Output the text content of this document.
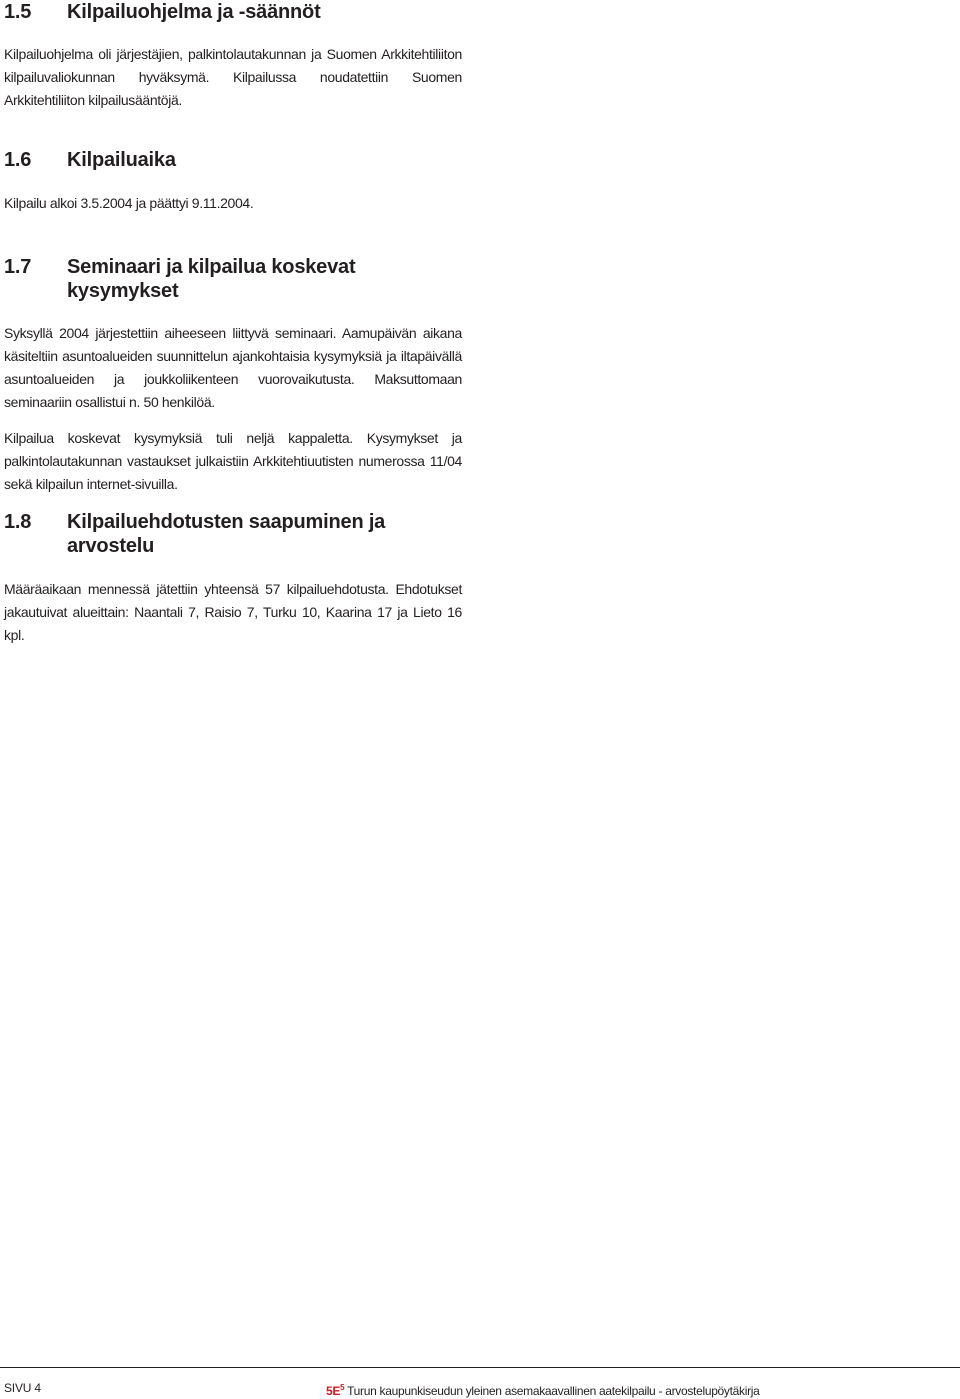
1.5	Kilpailuohjelma ja -säännöt

Kilpailuohjelma oli järjestäjien, palkintolautakunnan ja Suomen Arkkitehtiliiton kilpailuvaliokunnan hyväksymä. Kilpailussa noudatettiin Suomen Arkkitehtiliiton kilpailusääntöjä.

1.6	Kilpailuaika

Kilpailu alkoi 3.5.2004 ja päättyi 9.11.2004.

1.7	Seminaari ja kilpailua koskevat kysymykset

Syksyllä 2004 järjestettiin aiheeseen liittyvä seminaari. Aamupäivän aikana käsiteltiin asuntoalueiden suunnittelun ajankohtaisia kysymyksiä ja iltapäivällä asuntoalueiden ja joukkoliikenteen vuorovaikutusta. Maksuttomaan seminaariin osallistui n. 50 henkilöä.

Kilpailua koskevat kysymyksiä tuli neljä kappaletta. Kysymykset ja palkintolautakunnan vastaukset julkaistiin Arkkitehtiuutisten numerossa 11/04 sekä kilpailun internet-sivuilla.

1.8	Kilpailuehdotusten saapuminen ja arvostelu

Määräaikaan mennessä jätettiin yhteensä 57 kilpailuehdotusta. Ehdotukset jakautuivat alueittain: Naantali 7, Raisio 7, Turku 10, Kaarina 17 ja Lieto 16 kpl.

SIVU 4	$5E^5$ Turun kaupunkiseudun yleinen asemakaavallinen aatekilpailu - arvostelupöytäkirja
